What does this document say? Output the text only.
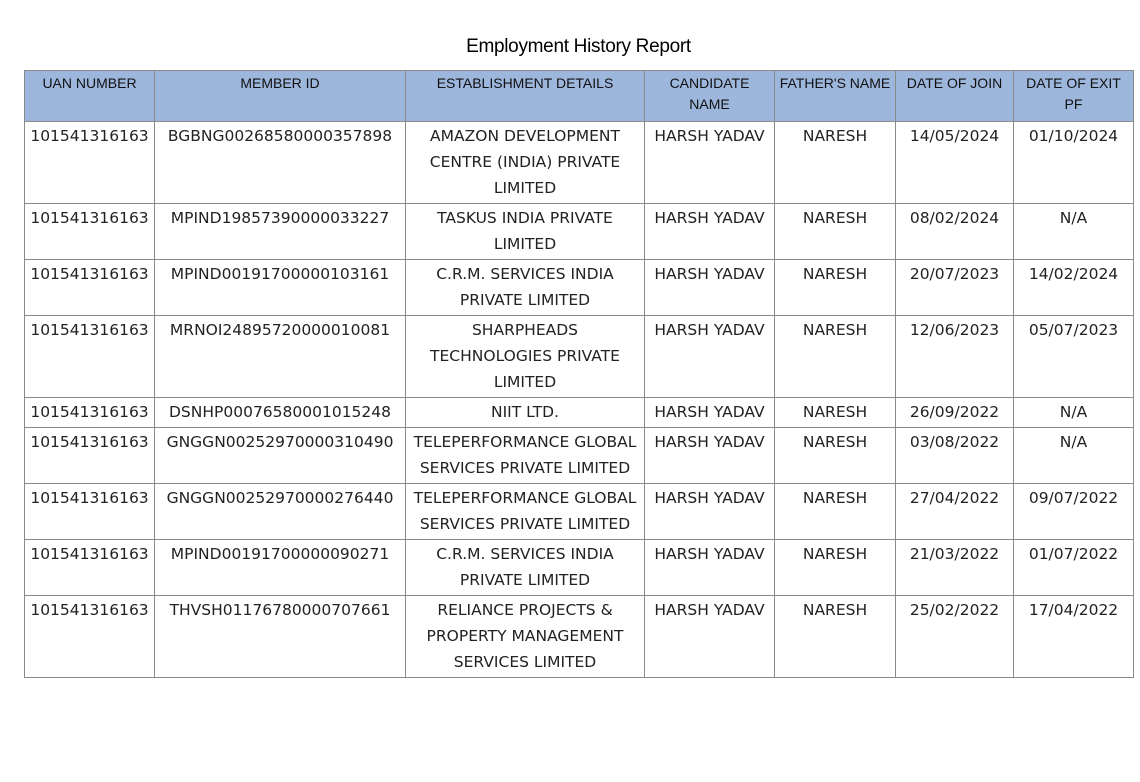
Employment History Report
UAN NUMBER	MEMBER ID	ESTABLISHMENT DETAILS	CANDIDATE NAME	FATHER'S NAME	DATE OF JOIN	DATE OF EXIT PF
101541316163	BGBNG00268580000357898	AMAZON DEVELOPMENT CENTRE (INDIA) PRIVATE LIMITED	HARSH YADAV	NARESH	14/05/2024	01/10/2024
101541316163	MPIND19857390000033227	TASKUS INDIA PRIVATE LIMITED	HARSH YADAV	NARESH	08/02/2024	N/A
101541316163	MPIND00191700000103161	C.R.M. SERVICES INDIA PRIVATE LIMITED	HARSH YADAV	NARESH	20/07/2023	14/02/2024
101541316163	MRNOI24895720000010081	SHARPHEADS TECHNOLOGIES PRIVATE LIMITED	HARSH YADAV	NARESH	12/06/2023	05/07/2023
101541316163	DSNHP00076580001015248	NIIT LTD.	HARSH YADAV	NARESH	26/09/2022	N/A
101541316163	GNGGN00252970000310490	TELEPERFORMANCE GLOBAL SERVICES PRIVATE LIMITED	HARSH YADAV	NARESH	03/08/2022	N/A
101541316163	GNGGN00252970000276440	TELEPERFORMANCE GLOBAL SERVICES PRIVATE LIMITED	HARSH YADAV	NARESH	27/04/2022	09/07/2022
101541316163	MPIND00191700000090271	C.R.M. SERVICES INDIA PRIVATE LIMITED	HARSH YADAV	NARESH	21/03/2022	01/07/2022
101541316163	THVSH01176780000707661	RELIANCE PROJECTS & PROPERTY MANAGEMENT SERVICES LIMITED	HARSH YADAV	NARESH	25/02/2022	17/04/2022
